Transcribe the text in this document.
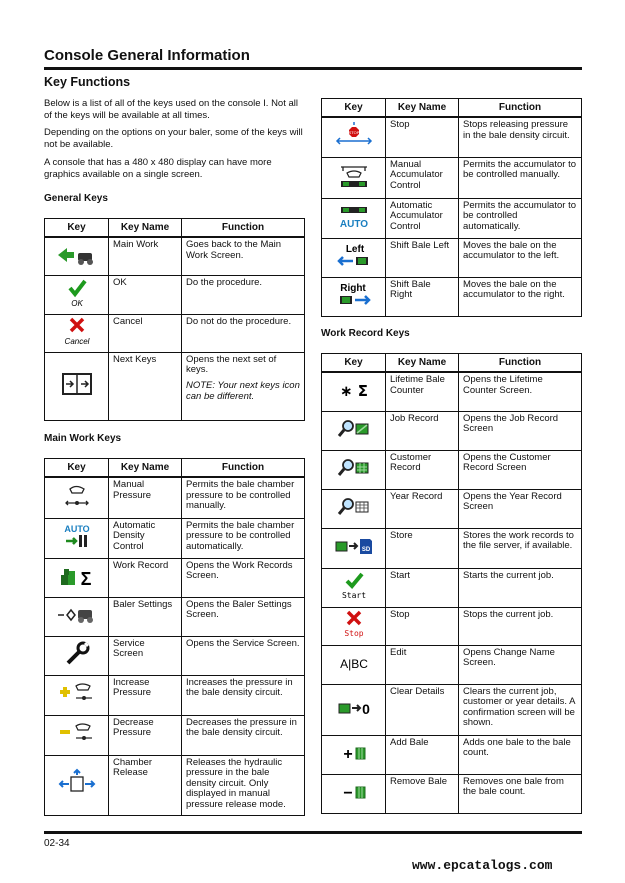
Console General Information
Key Functions
Below is a list of all of the keys used on the console I. Not all of the keys will be available at all times.
Depending on the options on your baler, some of the keys will not be available.
A console that has a 480 x 480 display can have more graphics available on a single screen.
General Keys
Key	Key Name	Function
	Main Work	Goes back to the Main Work Screen.

OK	OK	Do the procedure.

Cancel	Cancel	Do not do the procedure.
	Next Keys	Opens the next set of keys.
NOTE: Your next keys icon can be different.
Main Work Keys
Key	Key Name	Function
	Manual Pressure	Permits the bale chamber pressure to be controlled manually.

AUTO	Automatic Density Control	Permits the bale chamber pressure to be controlled automatically.

Σ	Work Record	Opens the Work Records Screen.
	Baler Settings	Opens the Baler Settings Screen.
	Service Screen	Opens the Service Screen.
	Increase Pressure	Increases the pressure in the bale density circuit.
	Decrease Pressure	Decreases the pressure in the bale density circuit.
	Chamber Release	Releases the hydraulic pressure in the bale density circuit. Only displayed in manual pressure release mode.
Key	Key Name	Function

STOP	Stop	Stops releasing pressure in the bale density circuit.
	Manual Accumulator Control	Permits the accumulator to be controlled manually.

AUTO	Automatic Accumulator Control	Permits the accumulator to be controlled automatically.

Left	Shift Bale Left	Moves the bale on the accumulator to the left.

Right	Shift Bale Right	Moves the bale on the accumulator to the right.
Work Record Keys
Key	Key Name	Function

∗ Σ	Lifetime Bale Counter	Opens the Lifetime Counter Screen.
	Job Record	Opens the Job Record Screen
	Customer Record	Opens the Customer Record Screen
	Year Record	Opens the Year Record Screen

SD	Store	Stores the work records to the file server, if available.

Start	Start	Starts the current job.

Stop	Stop	Stops the current job.

A|BC	Edit	Opens Change Name Screen.

0	Clear Details	Clears the current job, customer or year details. A confirmation screen will be shown.

+	Add Bale	Adds one bale to the bale count.

−	Remove Bale	Removes one bale from the bale count.
02-34
www.epcatalogs.com
